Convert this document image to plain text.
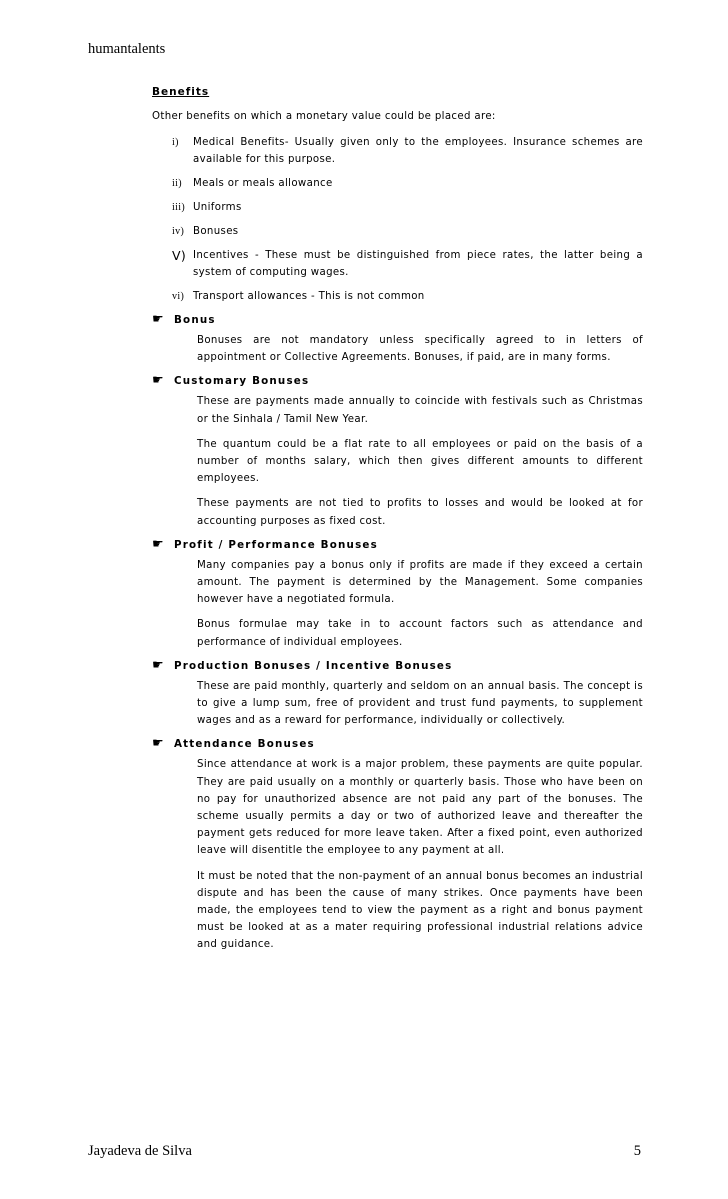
humantalents
Benefits
Other benefits on which a monetary value could be placed are:
i)	Medical Benefits- Usually given only to the employees. Insurance schemes are available for this purpose.
ii)	Meals or meals allowance
iii) Uniforms
iv) Bonuses
V) Incentives - These must be distinguished from piece rates, the latter being a system of computing wages.
vi) Transport allowances - This is not common
☛ Bonus
Bonuses are not mandatory unless specifically agreed to in letters of appointment or Collective Agreements. Bonuses, if paid, are in many forms.
☛ Customary Bonuses
These are payments made annually to coincide with festivals such as Christmas or the Sinhala / Tamil New Year.
The quantum could be a flat rate to all employees or paid on the basis of a number of months salary, which then gives different amounts to different employees.
These payments are not tied to profits to losses and would be looked at for accounting purposes as fixed cost.
☛ Profit / Performance Bonuses
Many companies pay a bonus only if profits are made if they exceed a certain amount. The payment is determined by the Management. Some companies however have a negotiated formula.
Bonus formulae may take in to account factors such as attendance and performance of individual employees.
☛ Production Bonuses / Incentive Bonuses
These are paid monthly, quarterly and seldom on an annual basis. The concept is to give a lump sum, free of provident and trust fund payments, to supplement wages and as a reward for performance, individually or collectively.
☛ Attendance Bonuses
Since attendance at work is a major problem, these payments are quite popular. They are paid usually on a monthly or quarterly basis. Those who have been on no pay for unauthorized absence are not paid any part of the bonuses. The scheme usually permits a day or two of authorized leave and thereafter the payment gets reduced for more leave taken. After a fixed point, even authorized leave will disentitle the employee to any payment at all.
It must be noted that the non-payment of an annual bonus becomes an industrial dispute and has been the cause of many strikes. Once payments have been made, the employees tend to view the payment as a right and bonus payment must be looked at as a mater requiring professional industrial relations advice and guidance.
Jayadeva de Silva	5
